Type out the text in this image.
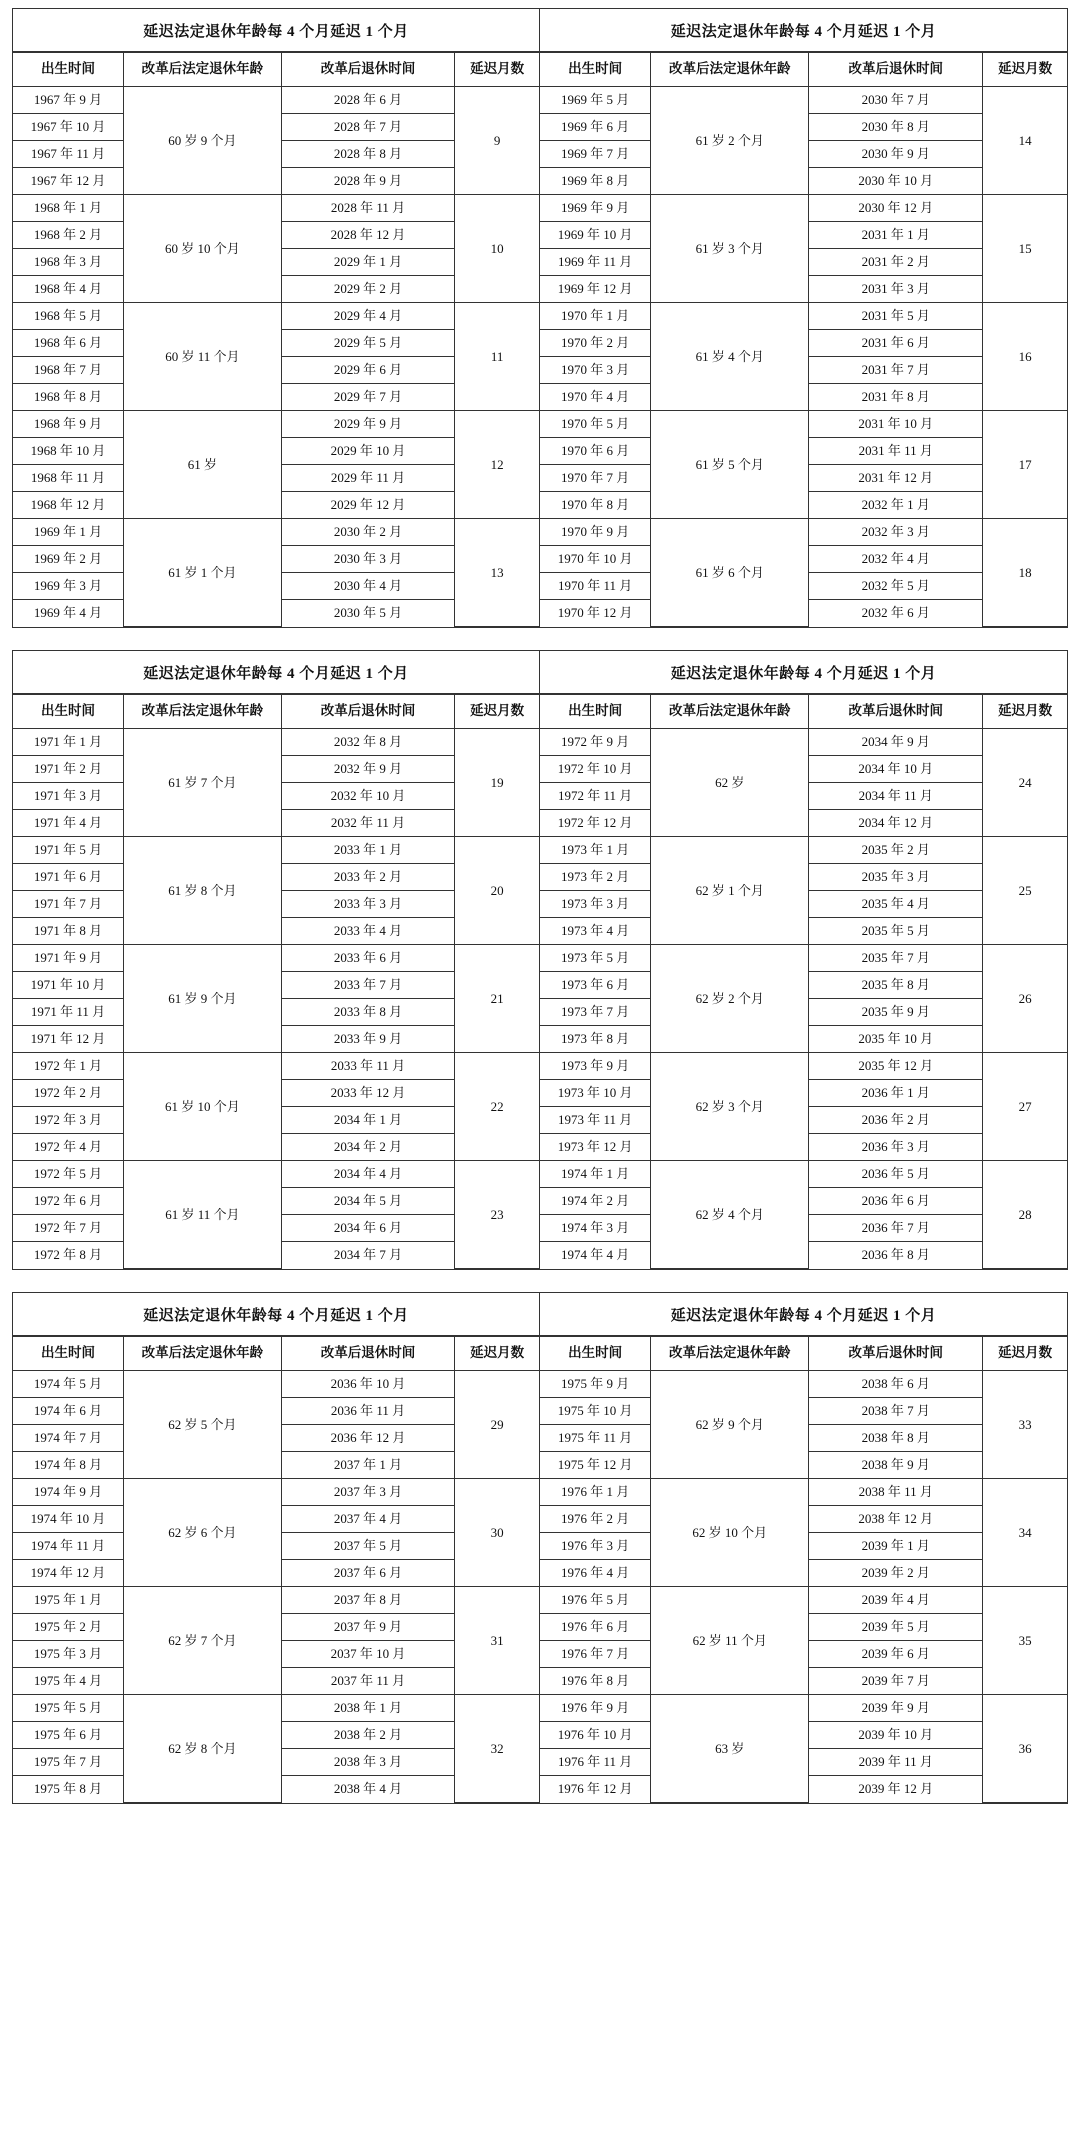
延迟法定退休年龄每 4 个月延迟 1 个月
出生时间	改革后法定退休年龄	改革后退休时间	延迟月数
1967 年 9 月	60 岁 9 个月	2028 年 6 月	9
1967 年 10 月		2028 年 7 月	
1967 年 11 月		2028 年 8 月	
1967 年 12 月		2028 年 9 月	
1968 年 1 月	60 岁 10 个月	2028 年 11 月	10
1968 年 2 月		2028 年 12 月	
1968 年 3 月		2029 年 1 月	
1968 年 4 月		2029 年 2 月	
1968 年 5 月	60 岁 11 个月	2029 年 4 月	11
1968 年 6 月		2029 年 5 月	
1968 年 7 月		2029 年 6 月	
1968 年 8 月		2029 年 7 月	
1968 年 9 月	61 岁	2029 年 9 月	12
1968 年 10 月		2029 年 10 月	
1968 年 11 月		2029 年 11 月	
1968 年 12 月		2029 年 12 月	
1969 年 1 月	61 岁 1 个月	2030 年 2 月	13
1969 年 2 月		2030 年 3 月	
1969 年 3 月		2030 年 4 月	
1969 年 4 月		2030 年 5 月	
延迟法定退休年龄每 4 个月延迟 1 个月
出生时间	改革后法定退休年龄	改革后退休时间	延迟月数
1969 年 5 月	61 岁 2 个月	2030 年 7 月	14
1969 年 6 月		2030 年 8 月	
1969 年 7 月		2030 年 9 月	
1969 年 8 月		2030 年 10 月	
1969 年 9 月	61 岁 3 个月	2030 年 12 月	15
1969 年 10 月		2031 年 1 月	
1969 年 11 月		2031 年 2 月	
1969 年 12 月		2031 年 3 月	
1970 年 1 月	61 岁 4 个月	2031 年 5 月	16
1970 年 2 月		2031 年 6 月	
1970 年 3 月		2031 年 7 月	
1970 年 4 月		2031 年 8 月	
1970 年 5 月	61 岁 5 个月	2031 年 10 月	17
1970 年 6 月		2031 年 11 月	
1970 年 7 月		2031 年 12 月	
1970 年 8 月		2032 年 1 月	
1970 年 9 月	61 岁 6 个月	2032 年 3 月	18
1970 年 10 月		2032 年 4 月	
1970 年 11 月		2032 年 5 月	
1970 年 12 月		2032 年 6 月	
延迟法定退休年龄每 4 个月延迟 1 个月
出生时间	改革后法定退休年龄	改革后退休时间	延迟月数
1971 年 1 月	61 岁 7 个月	2032 年 8 月	19
1971 年 2 月		2032 年 9 月	
1971 年 3 月		2032 年 10 月	
1971 年 4 月		2032 年 11 月	
1971 年 5 月	61 岁 8 个月	2033 年 1 月	20
1971 年 6 月		2033 年 2 月	
1971 年 7 月		2033 年 3 月	
1971 年 8 月		2033 年 4 月	
1971 年 9 月	61 岁 9 个月	2033 年 6 月	21
1971 年 10 月		2033 年 7 月	
1971 年 11 月		2033 年 8 月	
1971 年 12 月		2033 年 9 月	
1972 年 1 月	61 岁 10 个月	2033 年 11 月	22
1972 年 2 月		2033 年 12 月	
1972 年 3 月		2034 年 1 月	
1972 年 4 月		2034 年 2 月	
1972 年 5 月	61 岁 11 个月	2034 年 4 月	23
1972 年 6 月		2034 年 5 月	
1972 年 7 月		2034 年 6 月	
1972 年 8 月		2034 年 7 月	
延迟法定退休年龄每 4 个月延迟 1 个月
出生时间	改革后法定退休年龄	改革后退休时间	延迟月数
1972 年 9 月	62 岁	2034 年 9 月	24
1972 年 10 月		2034 年 10 月	
1972 年 11 月		2034 年 11 月	
1972 年 12 月		2034 年 12 月	
1973 年 1 月	62 岁 1 个月	2035 年 2 月	25
1973 年 2 月		2035 年 3 月	
1973 年 3 月		2035 年 4 月	
1973 年 4 月		2035 年 5 月	
1973 年 5 月	62 岁 2 个月	2035 年 7 月	26
1973 年 6 月		2035 年 8 月	
1973 年 7 月		2035 年 9 月	
1973 年 8 月		2035 年 10 月	
1973 年 9 月	62 岁 3 个月	2035 年 12 月	27
1973 年 10 月		2036 年 1 月	
1973 年 11 月		2036 年 2 月	
1973 年 12 月		2036 年 3 月	
1974 年 1 月	62 岁 4 个月	2036 年 5 月	28
1974 年 2 月		2036 年 6 月	
1974 年 3 月		2036 年 7 月	
1974 年 4 月		2036 年 8 月	
延迟法定退休年龄每 4 个月延迟 1 个月
出生时间	改革后法定退休年龄	改革后退休时间	延迟月数
1974 年 5 月	62 岁 5 个月	2036 年 10 月	29
1974 年 6 月		2036 年 11 月	
1974 年 7 月		2036 年 12 月	
1974 年 8 月		2037 年 1 月	
1974 年 9 月	62 岁 6 个月	2037 年 3 月	30
1974 年 10 月		2037 年 4 月	
1974 年 11 月		2037 年 5 月	
1974 年 12 月		2037 年 6 月	
1975 年 1 月	62 岁 7 个月	2037 年 8 月	31
1975 年 2 月		2037 年 9 月	
1975 年 3 月		2037 年 10 月	
1975 年 4 月		2037 年 11 月	
1975 年 5 月	62 岁 8 个月	2038 年 1 月	32
1975 年 6 月		2038 年 2 月	
1975 年 7 月		2038 年 3 月	
1975 年 8 月		2038 年 4 月	
延迟法定退休年龄每 4 个月延迟 1 个月
出生时间	改革后法定退休年龄	改革后退休时间	延迟月数
1975 年 9 月	62 岁 9 个月	2038 年 6 月	33
1975 年 10 月		2038 年 7 月	
1975 年 11 月		2038 年 8 月	
1975 年 12 月		2038 年 9 月	
1976 年 1 月	62 岁 10 个月	2038 年 11 月	34
1976 年 2 月		2038 年 12 月	
1976 年 3 月		2039 年 1 月	
1976 年 4 月		2039 年 2 月	
1976 年 5 月	62 岁 11 个月	2039 年 4 月	35
1976 年 6 月		2039 年 5 月	
1976 年 7 月		2039 年 6 月	
1976 年 8 月		2039 年 7 月	
1976 年 9 月	63 岁	2039 年 9 月	36
1976 年 10 月		2039 年 10 月	
1976 年 11 月		2039 年 11 月	
1976 年 12 月		2039 年 12 月	
